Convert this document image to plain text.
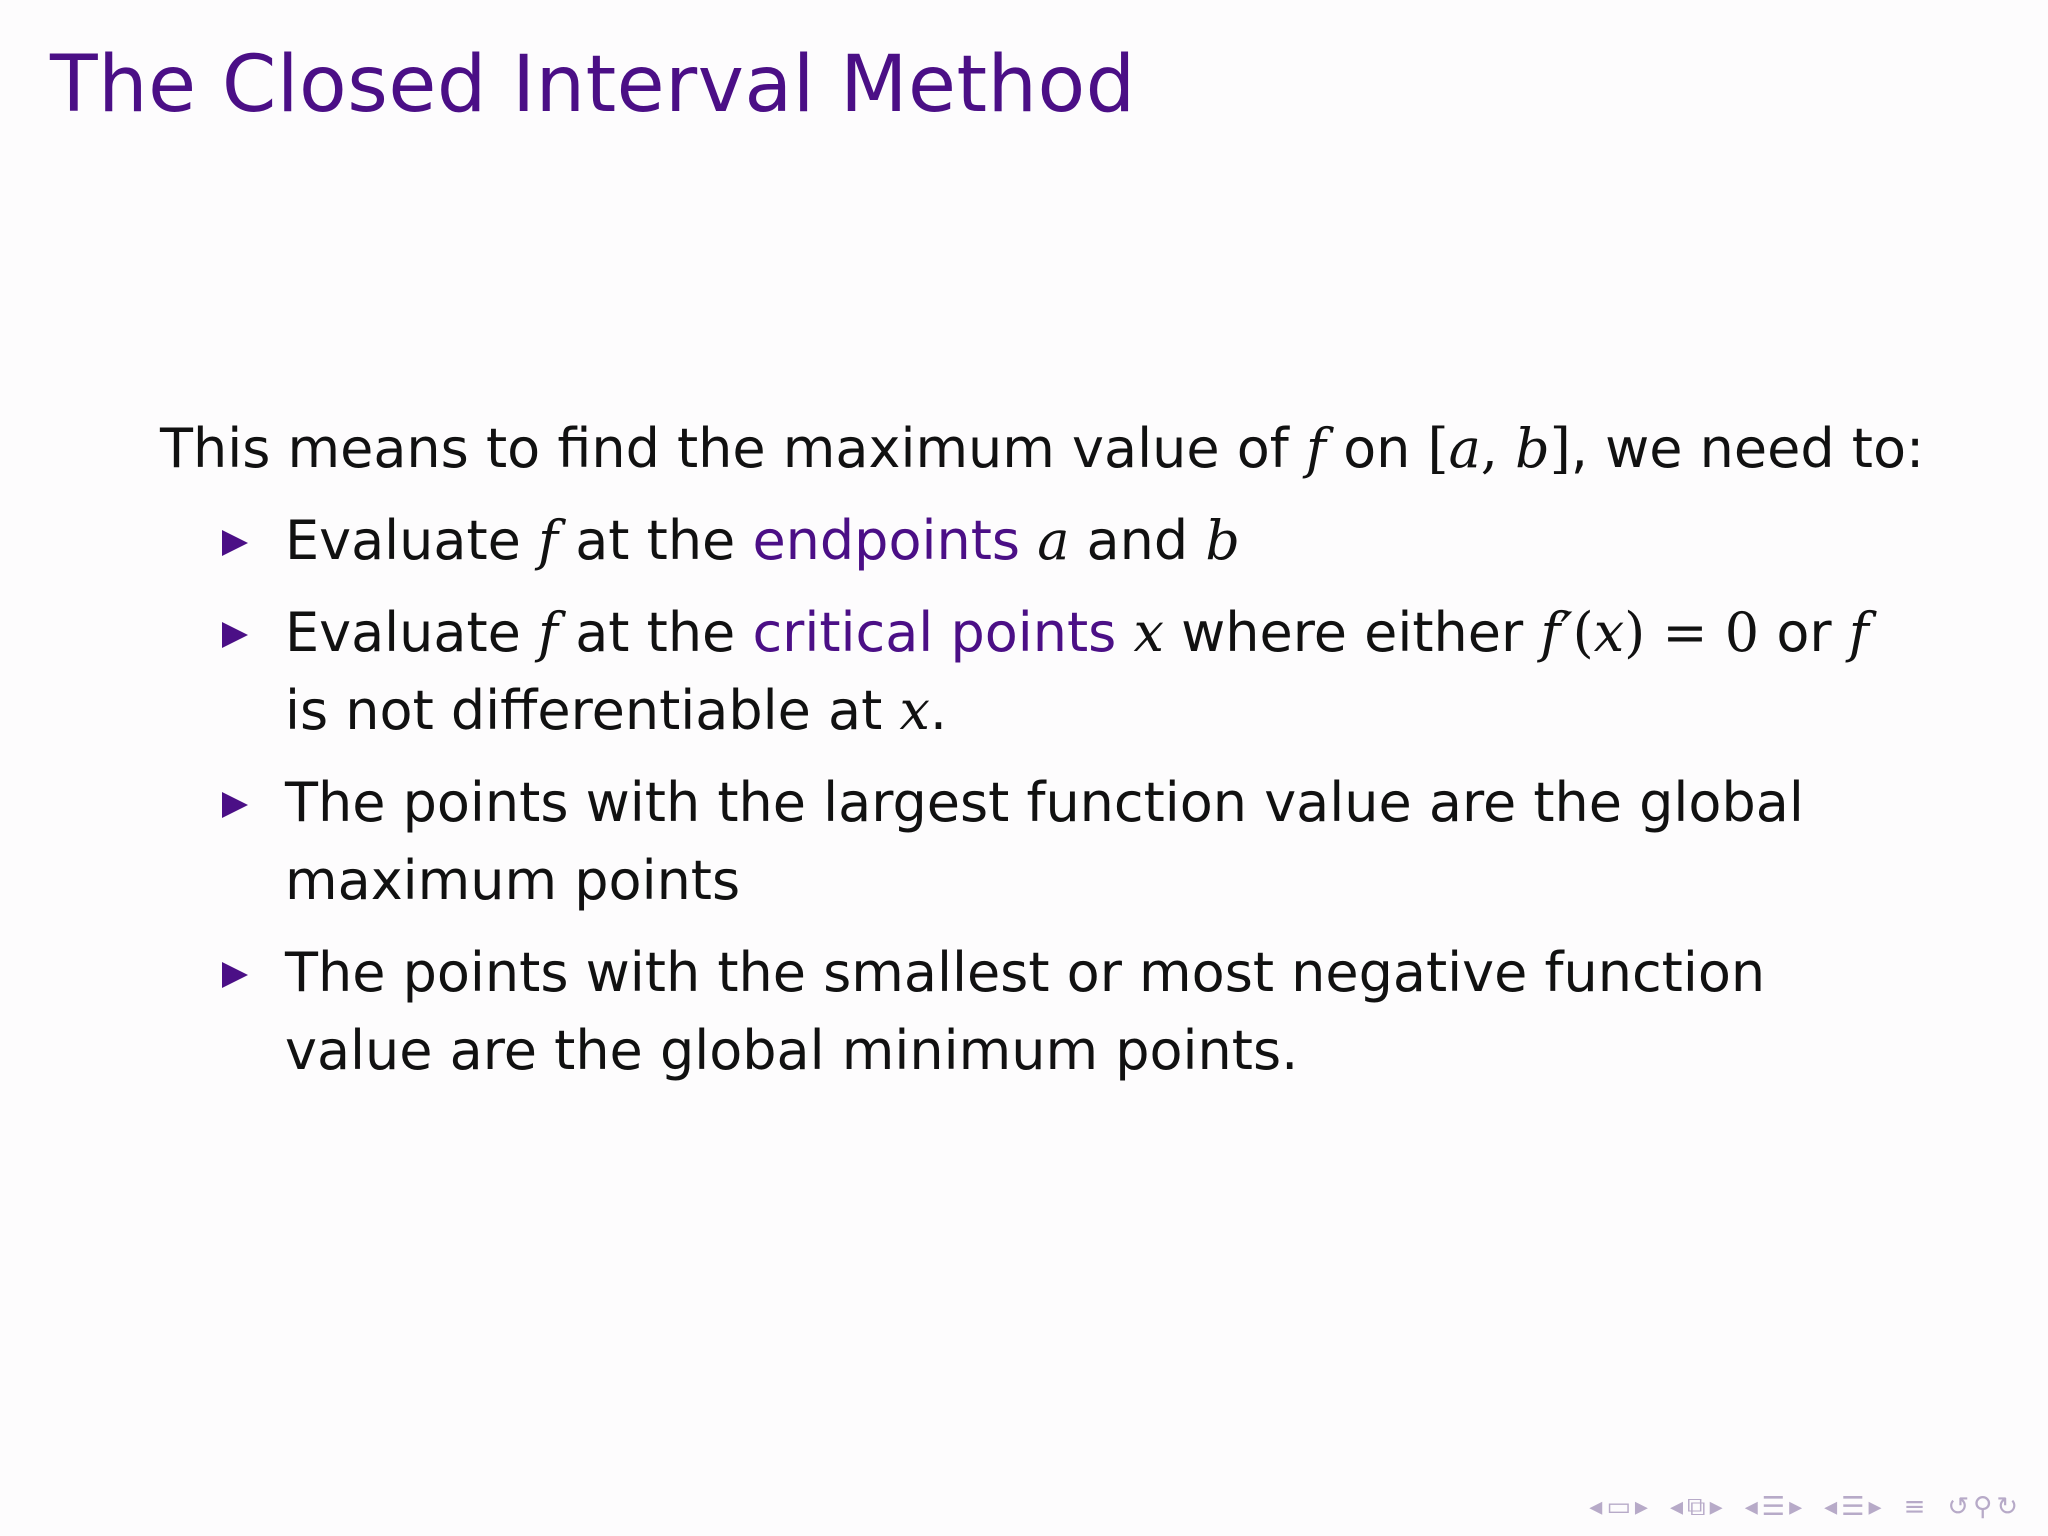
The Closed Interval Method

This means to find the maximum value of f on [a, b], we need to:

Evaluate f at the endpoints a and b
Evaluate f at the critical points x where either f′(x) = 0 or f is not differentiable at x.
The points with the largest function value are the global maximum points
The points with the smallest or most negative function value are the global minimum points.
◂ ▭ ▸ ◂ ⧉ ▸ ◂ ☰ ▸ ◂ ☰ ▸ ≡ ↺ ⚲ ↻
